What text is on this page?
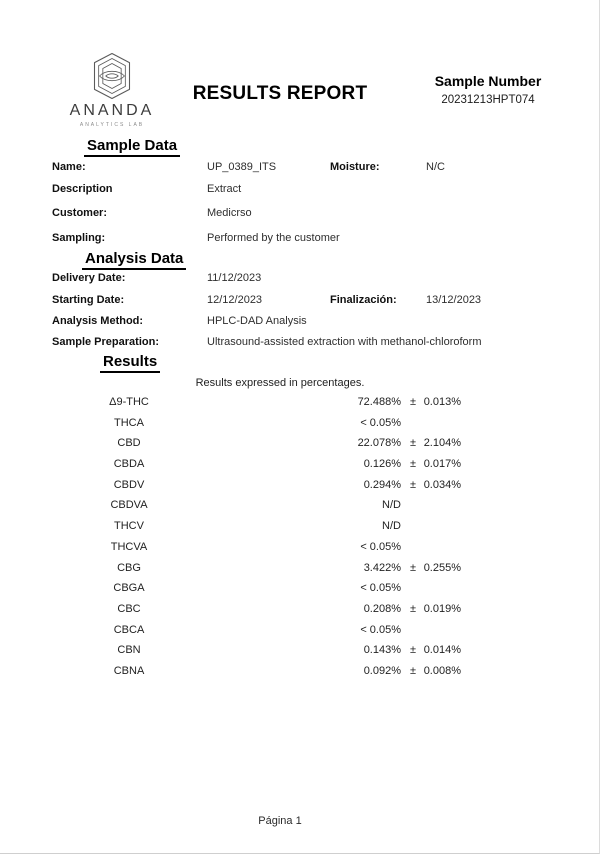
ANANDA
ANALYTICS LAB
RESULTS REPORT
Sample Number
20231213HPT074
Sample Data
Name:	UP_0389_ITS	Moisture:	N/C
Description	Extract
Customer:	Medicrso
Sampling:	Performed by the customer
Analysis Data
Delivery Date:	11/12/2023
Starting Date:	12/12/2023	Finalización:	13/12/2023
Analysis Method:	HPLC-DAD Analysis
Sample Preparation:	Ultrasound-assisted extraction with methanol-chloroform
Results
Results expressed in percentages.
Δ9-THC	72.488% ± 0.013%
THCA	< 0.05%
CBD	22.078% ± 2.104%
CBDA	0.126% ± 0.017%
CBDV	0.294% ± 0.034%
CBDVA	N/D
THCV	N/D
THCVA	< 0.05%
CBG	3.422% ± 0.255%
CBGA	< 0.05%
CBC	0.208% ± 0.019%
CBCA	< 0.05%
CBN	0.143% ± 0.014%
CBNA	0.092% ± 0.008%
Página 1
